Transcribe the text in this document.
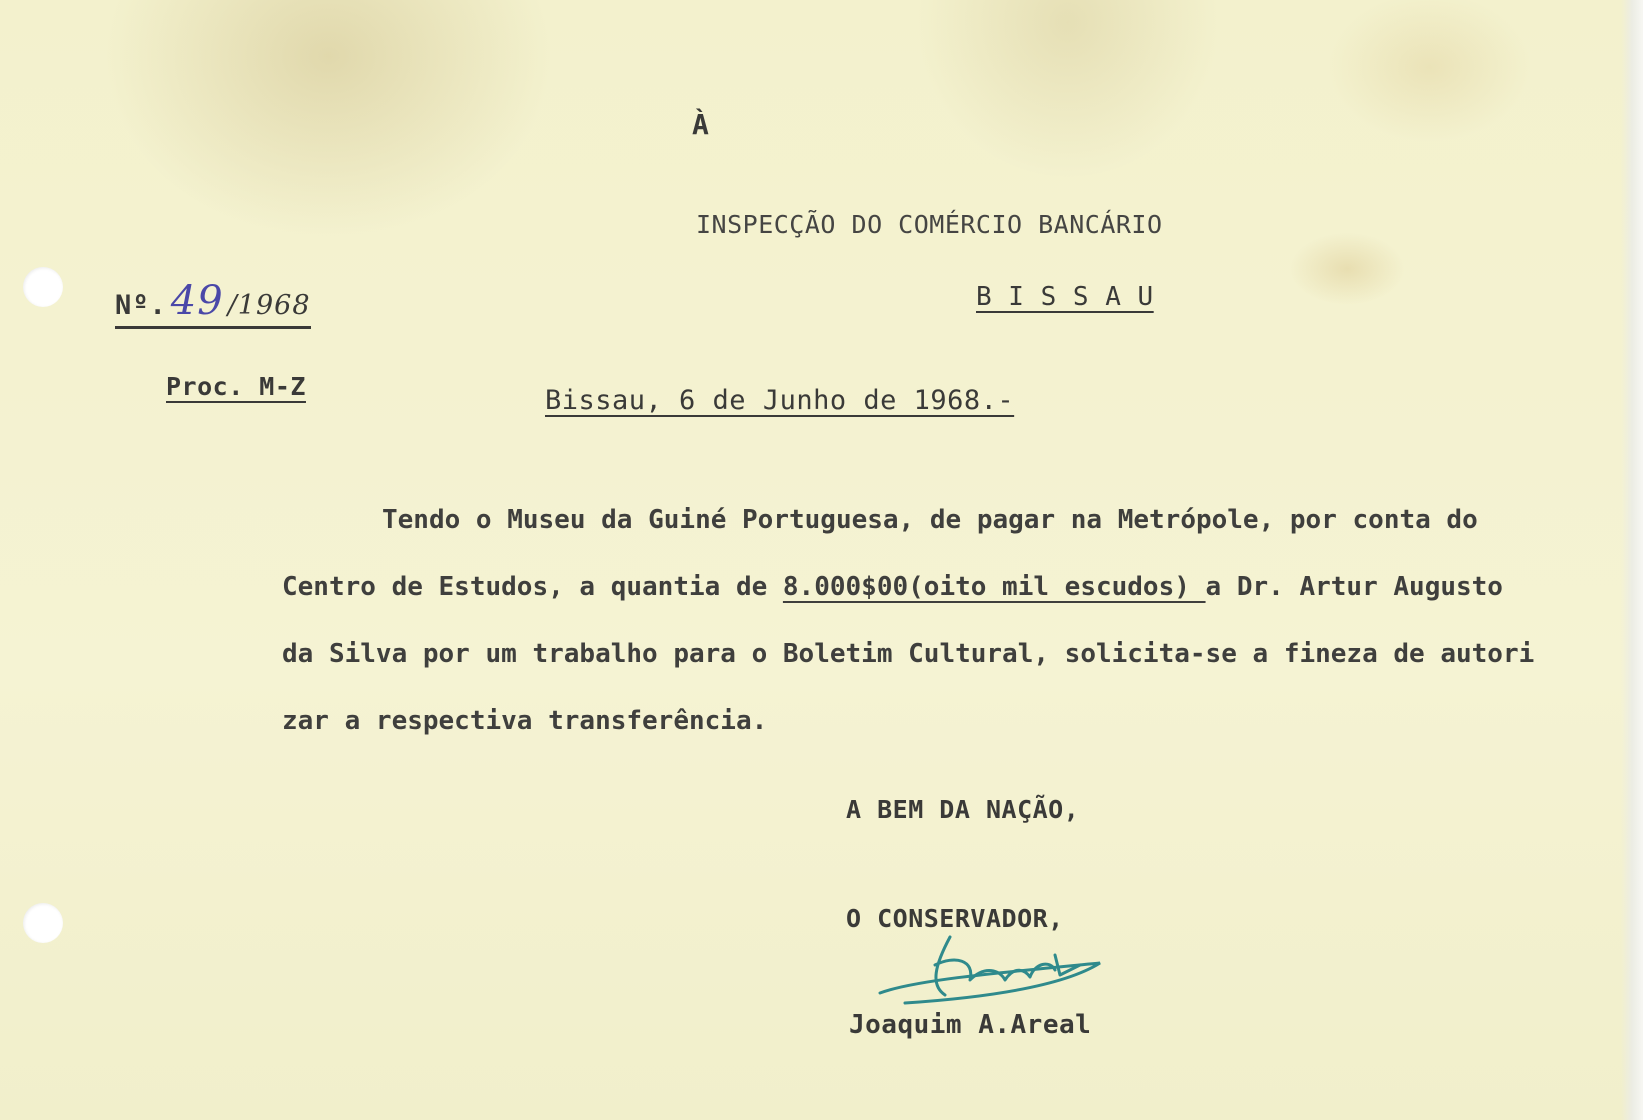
À
INSPECÇÃO DO COMÉRCIO BANCÁRIO
B I S S A U
Nº. 49 /1968
Proc. M-Z	Bissau, 6 de Junho de 1968.-
Tendo o Museu da Guiné Portuguesa, de pagar na Metrópole, por conta do
Centro de Estudos, a quantia de 8.000$00(oito mil escudos) a Dr. Artur Augusto
da Silva por um trabalho para o Boletim Cultural, solicita-se a fineza de autori
zar a respectiva transferência.
A BEM DA NAÇÃO,
O CONSERVADOR,
Joaquim A.Areal
